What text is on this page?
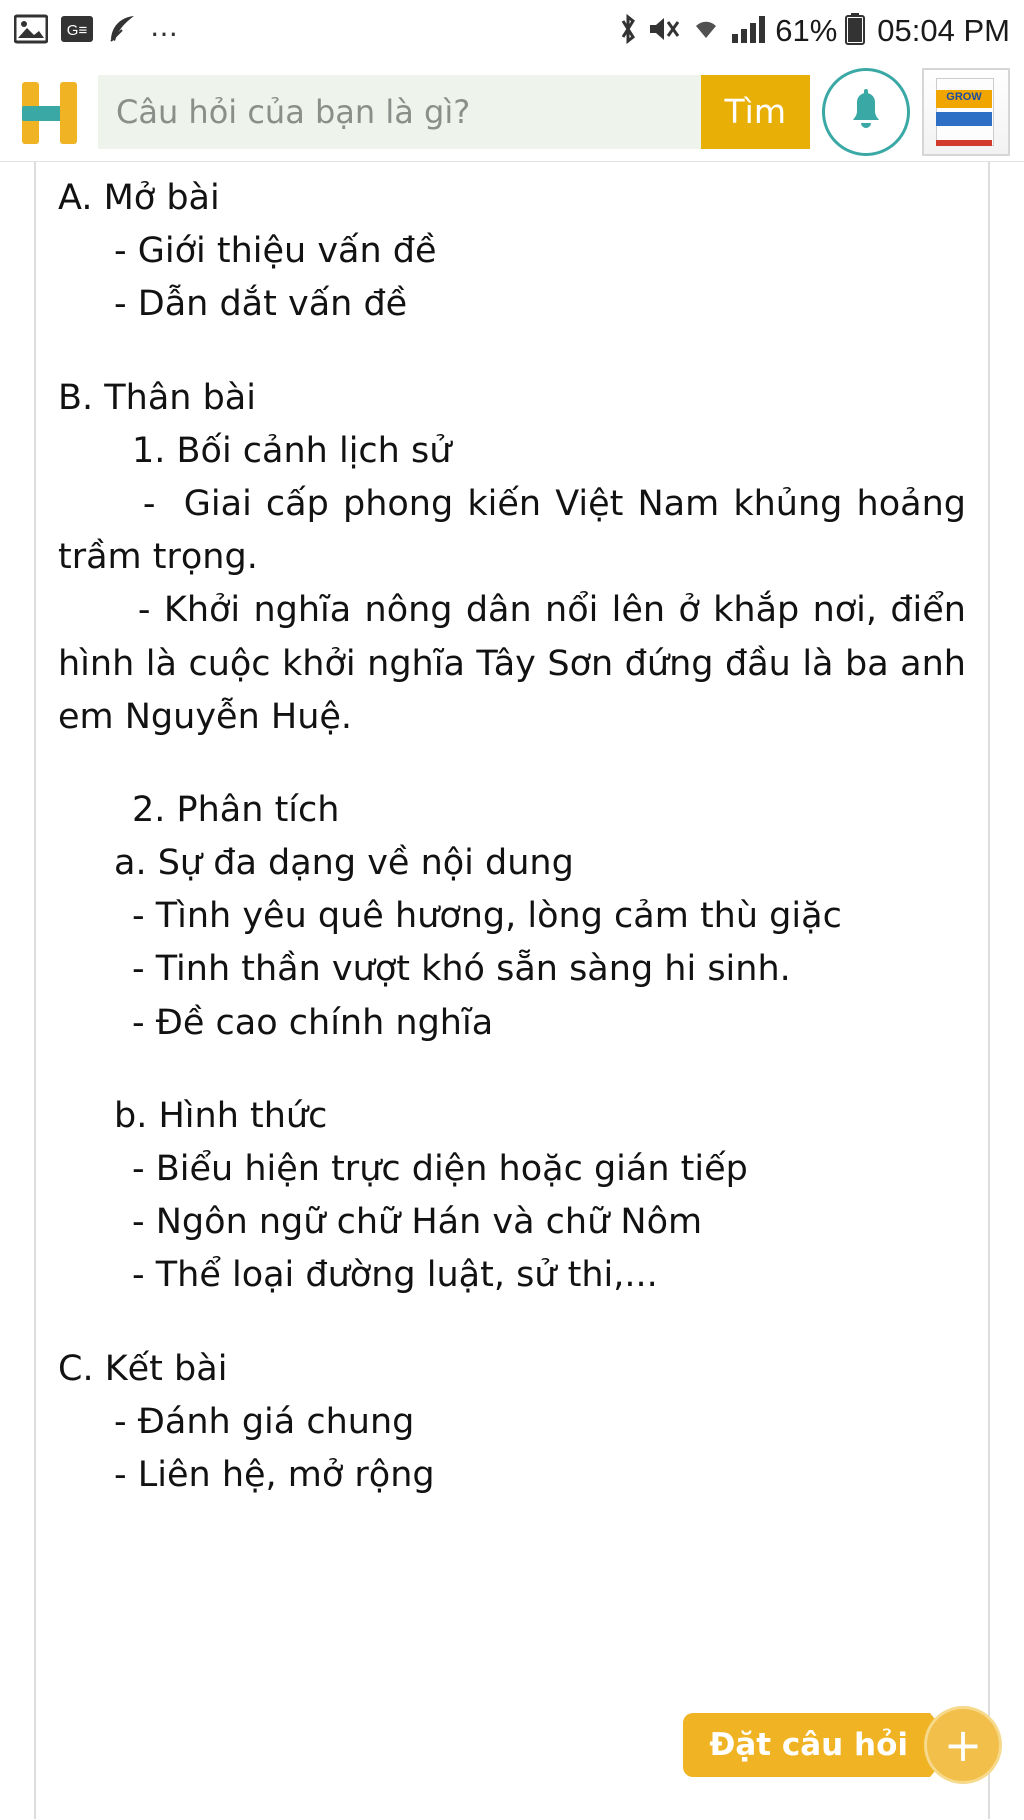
G≡ …	61% 05:04 PM
Câu hỏi của bạn là gì?
Tìm	GROW
A. Mở bài
- Giới thiệu vấn đề
- Dẫn dắt vấn đề
B. Thân bài
1. Bối cảnh lịch sử
-  Giai cấp phong kiến Việt Nam khủng hoảng trầm trọng.
- Khởi nghĩa nông dân nổi lên ở khắp nơi, điển hình là cuộc khởi nghĩa Tây Sơn đứng đầu là ba anh em Nguyễn Huệ.
2. Phân tích
a. Sự đa dạng về nội dung
- Tình yêu quê hương, lòng cảm thù giặc
- Tinh thần vượt khó sẵn sàng hi sinh.
- Đề cao chính nghĩa
b. Hình thức
- Biểu hiện trực diện hoặc gián tiếp
- Ngôn ngữ chữ Hán và chữ Nôm
- Thể loại đường luật, sử thi,...
C. Kết bài
- Đánh giá chung
- Liên hệ, mở rộng
Đặt câu hỏi +
